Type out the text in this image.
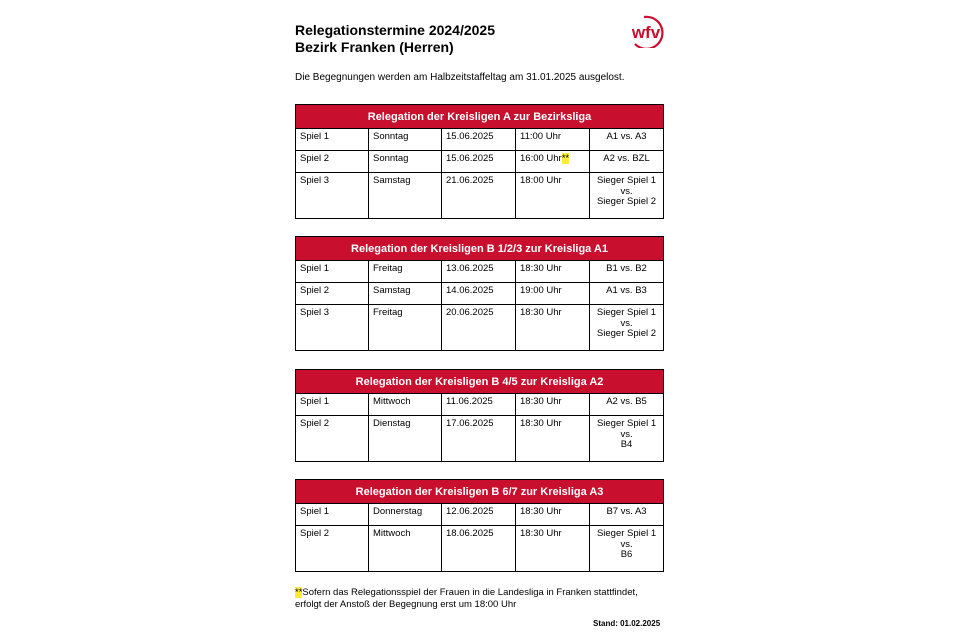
Relegationstermine 2024/2025
Bezirk Franken (Herren)
wfv
Die Begegnungen werden am Halbzeitstaffeltag am 31.01.2025 ausgelost.
Relegation der Kreisligen A zur Bezirksliga				
Spiel 1	Sonntag	15.06.2025	11:00 Uhr	A1 vs. A3

Spiel 2	Sonntag	15.06.2025	16:00 Uhr**	A2 vs. BZL

Spiel 3	Samstag	21.06.2025	18:00 Uhr	Sieger Spiel 1
vs.
Sieger Spiel 2
Relegation der Kreisligen B 1/2/3 zur Kreisliga A1				
Spiel 1	Freitag	13.06.2025	18:30 Uhr	B1 vs. B2

Spiel 2	Samstag	14.06.2025	19:00 Uhr	A1 vs. B3

Spiel 3	Freitag	20.06.2025	18:30 Uhr	Sieger Spiel 1
vs.
Sieger Spiel 2
Relegation der Kreisligen B 4/5 zur Kreisliga A2				
Spiel 1	Mittwoch	11.06.2025	18:30 Uhr	A2 vs. B5

Spiel 2	Dienstag	17.06.2025	18:30 Uhr	Sieger Spiel 1
vs.
B4
Relegation der Kreisligen B 6/7 zur Kreisliga A3				
Spiel 1	Donnerstag	12.06.2025	18:30 Uhr	B7 vs. A3

Spiel 2	Mittwoch	18.06.2025	18:30 Uhr	Sieger Spiel 1
vs.
B6
**Sofern das Relegationsspiel der Frauen in die Landesliga in Franken stattfindet,
erfolgt der Anstoß der Begegnung erst um 18:00 Uhr
Stand: 01.02.2025
